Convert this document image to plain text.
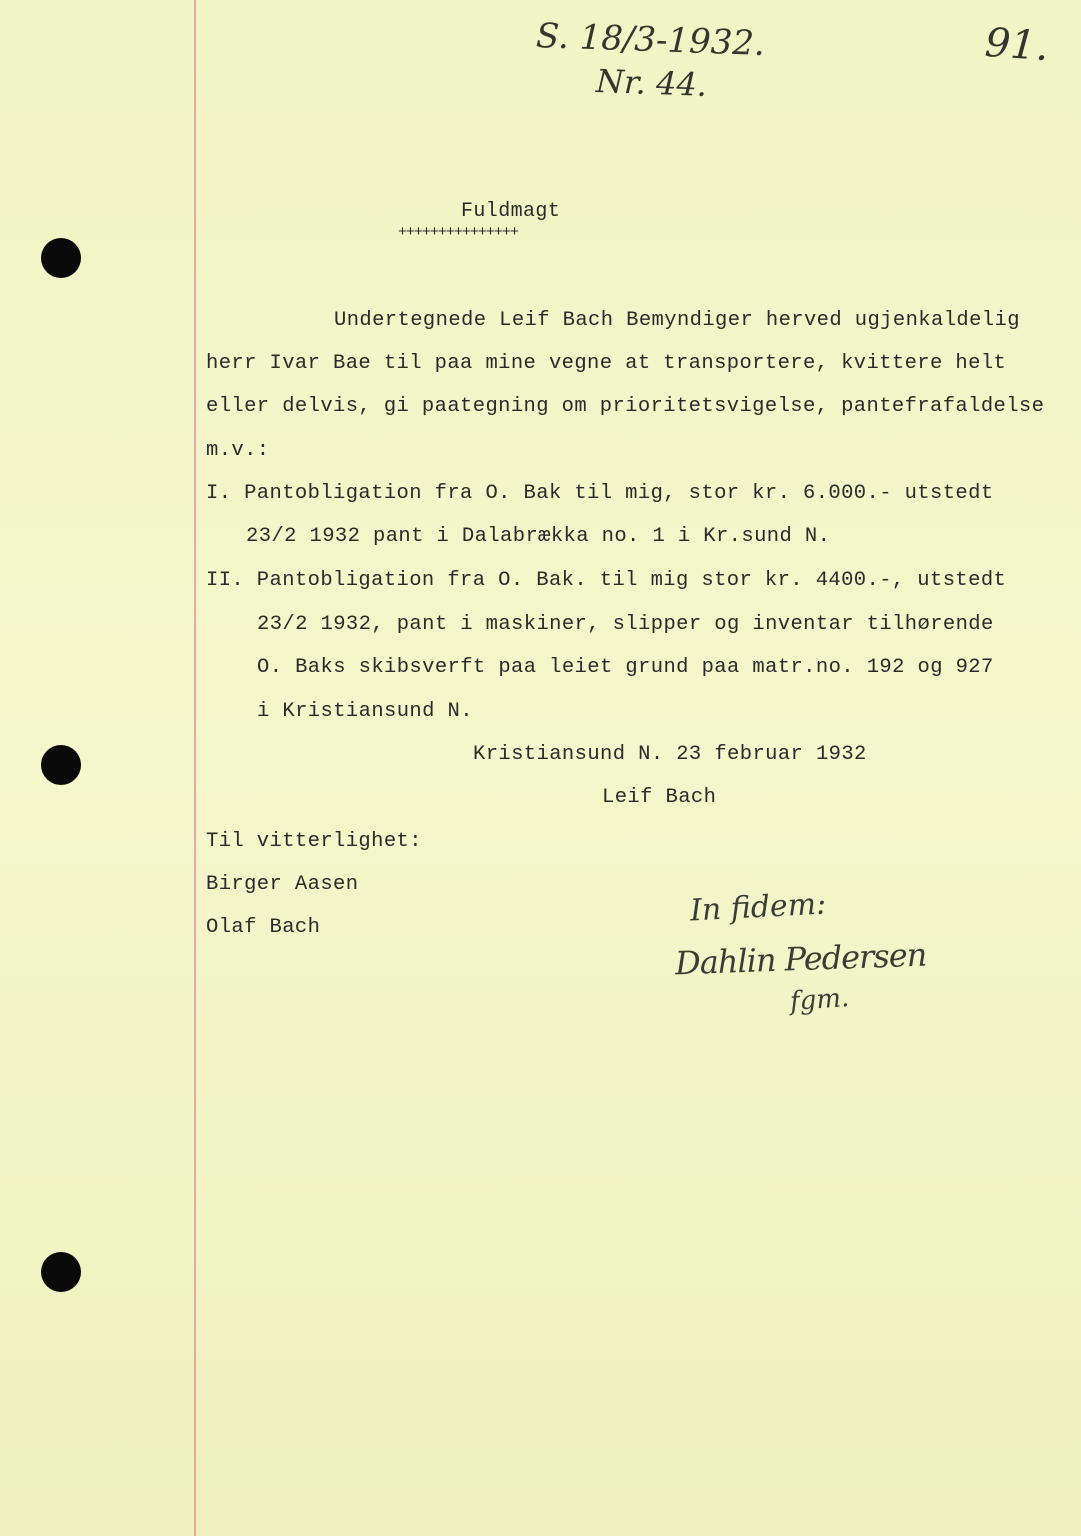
S. 18/3-1932.
Nr. 44.
91.
Fuldmagt
+++++++++++++++
Undertegnede Leif Bach Bemyndiger herved ugjenkaldelig
herr Ivar Bae til paa mine vegne at transportere, kvittere helt
eller delvis, gi paategning om prioritetsvigelse, pantefrafaldelse
m.v.:
I. Pantobligation fra O. Bak til mig, stor kr. 6.000.- utstedt
23/2 1932 pant i Dalabrækka no. 1 i Kr.sund N.
II. Pantobligation fra O. Bak. til mig stor kr. 4400.-, utstedt
23/2 1932, pant i maskiner, slipper og inventar tilhørende
O. Baks skibsverft paa leiet grund paa matr.no. 192 og 927
i Kristiansund N.
Kristiansund N. 23 februar 1932
Leif Bach
Til vitterlighet:
Birger Aasen
Olaf Bach	In fidem:
Dahlin Pedersen
fgm.
